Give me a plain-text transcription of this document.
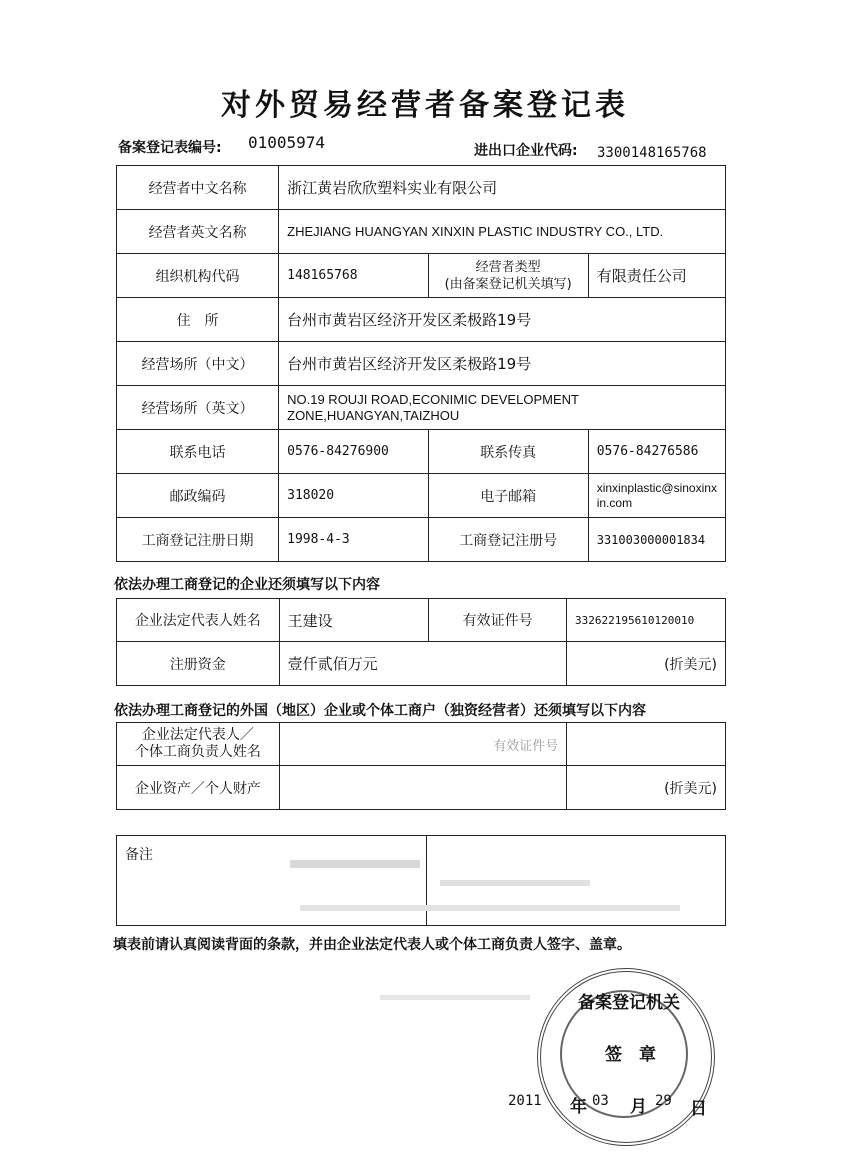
对外贸易经营者备案登记表
备案登记表编号: 01005974	进出口企业代码: 3300148165768
经营者中文名称	浙江黄岩欣欣塑料实业有限公司		
经营者英文名称	ZHEJIANG HUANGYAN XINXIN PLASTIC INDUSTRY CO., LTD.		
组织机构代码	148165768	经营者类型
(由备案登记机关填写)	有限责任公司
住　所	台州市黄岩区经济开发区柔极路19号		
经营场所（中文）	台州市黄岩区经济开发区柔极路19号		
经营场所（英文）	NO.19 ROUJI ROAD,ECONIMIC DEVELOPMENT
ZONE,HUANGYAN,TAIZHOU		

联系电话	0576-84276900	联系传真	0576-84276586
邮政编码	318020	电子邮箱	xinxinplastic@sinoxinx
in.com

工商登记注册日期	1998-4-3	工商登记注册号	331003000001834
依法办理工商登记的企业还须填写以下内容
企业法定代表人姓名	王建设	有效证件号	332622195610120010
注册资金	壹仟贰佰万元		(折美元)
依法办理工商登记的外国（地区）企业或个体工商户（独资经营者）还须填写以下内容
企业法定代表人／
个体工商负责人姓名	有效证件号	
企业资产／个人财产		(折美元)
备注	
填表前请认真阅读背面的条款，并由企业法定代表人或个体工商负责人签字、盖章。
备案登记机关
签　章
2011 年 03 月 29 日
